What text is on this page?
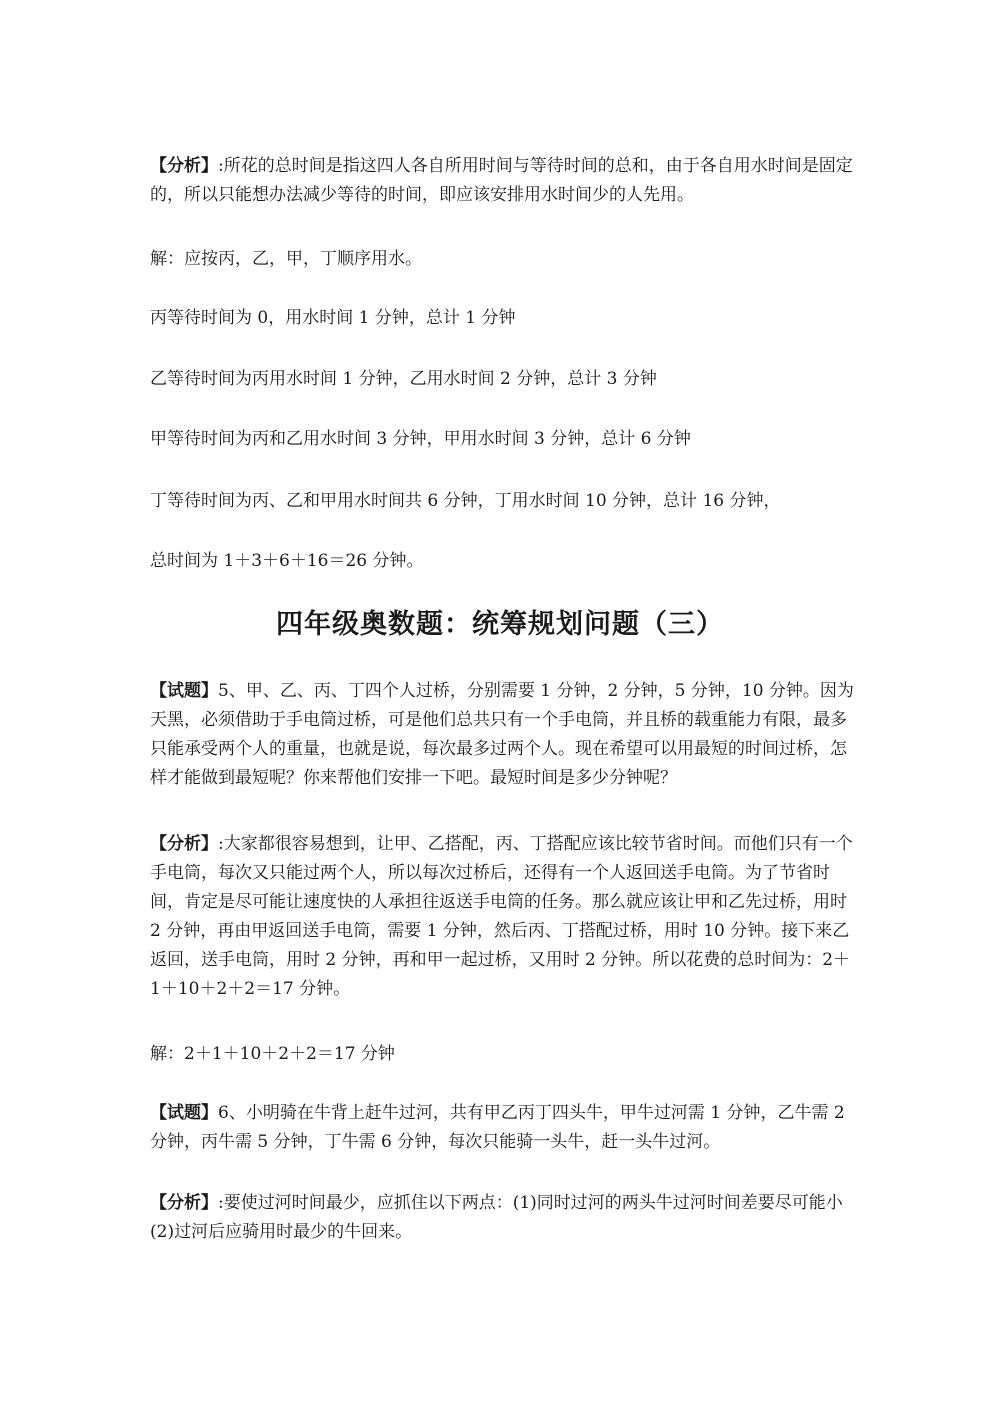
【分析】:所花的总时间是指这四人各自所用时间与等待时间的总和，由于各自用水时间是固定的，所以只能想办法减少等待的时间，即应该安排用水时间少的人先用。

解：应按丙，乙，甲，丁顺序用水。

丙等待时间为 0，用水时间 1 分钟，总计 1 分钟

乙等待时间为丙用水时间 1 分钟，乙用水时间 2 分钟，总计 3 分钟

甲等待时间为丙和乙用水时间 3 分钟，甲用水时间 3 分钟，总计 6 分钟

丁等待时间为丙、乙和甲用水时间共 6 分钟，丁用水时间 10 分钟，总计 16 分钟，

总时间为 1＋3＋6＋16＝26 分钟。

四年级奥数题：统筹规划问题（三）

【试题】5、甲、乙、丙、丁四个人过桥，分别需要 1 分钟，2 分钟，5 分钟，10 分钟。因为天黑，必须借助于手电筒过桥，可是他们总共只有一个手电筒，并且桥的载重能力有限，最多只能承受两个人的重量，也就是说，每次最多过两个人。现在希望可以用最短的时间过桥，怎样才能做到最短呢？你来帮他们安排一下吧。最短时间是多少分钟呢？

【分析】:大家都很容易想到，让甲、乙搭配，丙、丁搭配应该比较节省时间。而他们只有一个手电筒，每次又只能过两个人，所以每次过桥后，还得有一个人返回送手电筒。为了节省时间，肯定是尽可能让速度快的人承担往返送手电筒的任务。那么就应该让甲和乙先过桥，用时 2 分钟，再由甲返回送手电筒，需要 1 分钟，然后丙、丁搭配过桥，用时 10 分钟。接下来乙返回，送手电筒，用时 2 分钟，再和甲一起过桥，又用时 2 分钟。所以花费的总时间为：2＋1＋10＋2＋2＝17 分钟。

解：2＋1＋10＋2＋2＝17 分钟

【试题】6、小明骑在牛背上赶牛过河，共有甲乙丙丁四头牛，甲牛过河需 1 分钟，乙牛需 2 分钟，丙牛需 5 分钟，丁牛需 6 分钟，每次只能骑一头牛，赶一头牛过河。

【分析】:要使过河时间最少，应抓住以下两点：(1)同时过河的两头牛过河时间差要尽可能小(2)过河后应骑用时最少的牛回来。
